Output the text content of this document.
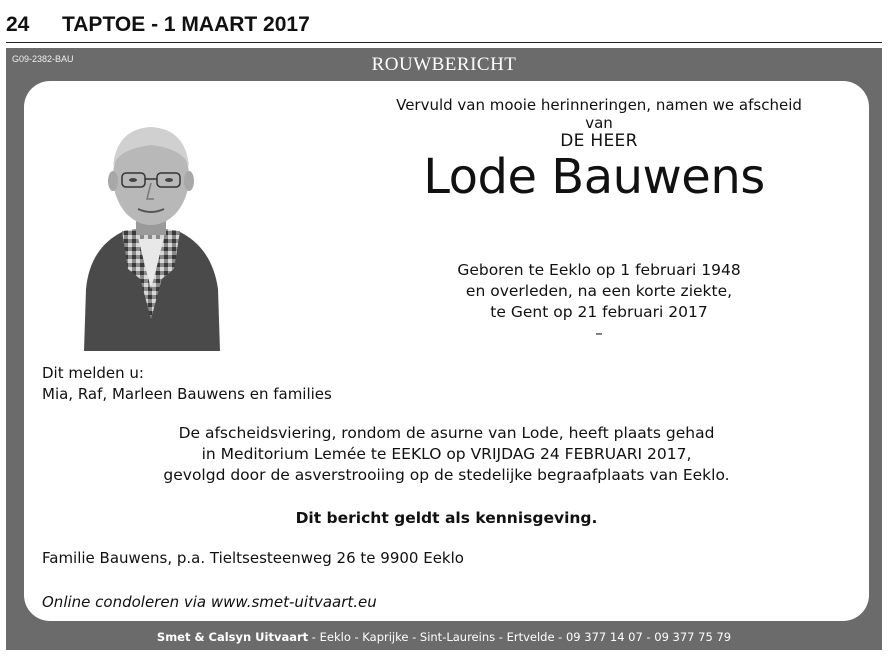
24 TAPTOE - 1 MAART 2017
G09-2382-BAU	ROUWBERICHT
Vervuld van mooie herinneringen, namen we afscheid van
DE HEER
Lode Bauwens
Geboren te Eeklo op 1 februari 1948
en overleden, na een korte ziekte,
te Gent op 21 februari 2017
–
Dit melden u:
Mia, Raf, Marleen Bauwens en families
De afscheidsviering, rondom de asurne van Lode, heeft plaats gehad
in Meditorium Lemée te EEKLO op VRIJDAG 24 FEBRUARI 2017,
gevolgd door de asverstrooiing op de stedelijke begraafplaats van Eeklo.
Dit bericht geldt als kennisgeving.
Familie Bauwens, p.a. Tieltsesteenweg 26 te 9900 Eeklo
Online condoleren via www.smet-uitvaart.eu
Smet & Calsyn Uitvaart - Eeklo - Kaprijke - Sint-Laureins - Ertvelde - 09 377 14 07 - 09 377 75 79
